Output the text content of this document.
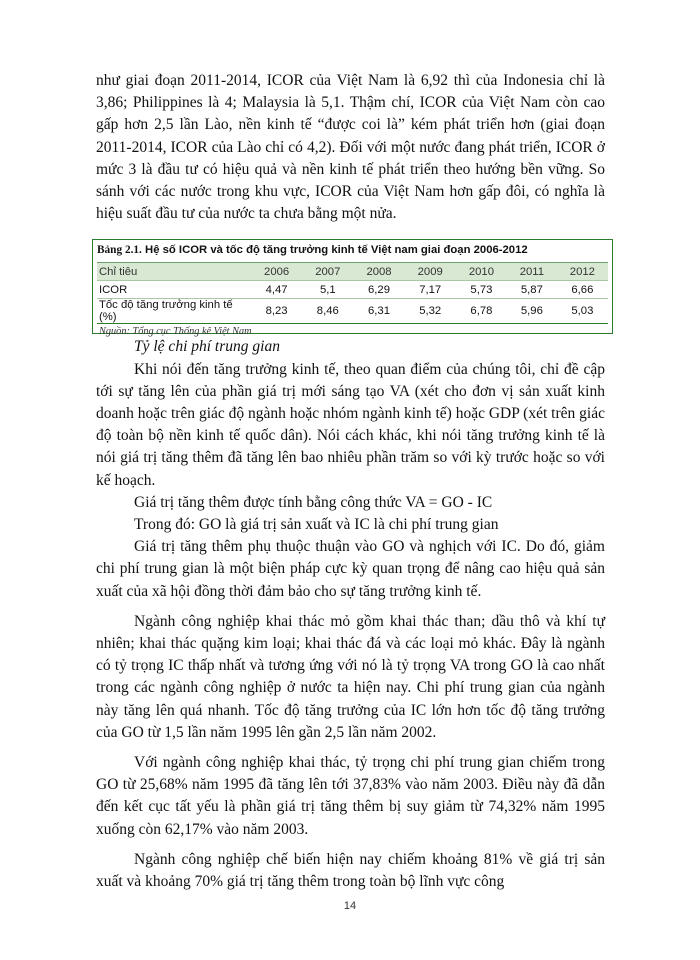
như giai đoạn 2011-2014, ICOR của Việt Nam là 6,92 thì của Indonesia chỉ là 3,86; Philippines là 4; Malaysia là 5,1. Thậm chí, ICOR của Việt Nam còn cao gấp hơn 2,5 lần Lào, nền kinh tế “được coi là” kém phát triển hơn (giai đoạn 2011-2014, ICOR của Lào chỉ có 4,2). Đối với một nước đang phát triển, ICOR ở mức 3 là đầu tư có hiệu quả và nền kinh tế phát triển theo hướng bền vững. So sánh với các nước trong khu vực, ICOR của Việt Nam hơn gấp đôi, có nghĩa là hiệu suất đầu tư của nước ta chưa bằng một nửa.

Bảng 2.1. Hệ số ICOR và tốc độ tăng trưởng kinh tế Việt nam giai đoạn 2006-2012
Chỉ tiêu	2006	2007	2008	2009	2010	2011	2012
ICOR	4,47	5,1	6,29	7,17	5,73	5,87	6,66
Tốc độ tăng trưởng kinh tế (%)	8,23	8,46	6,31	5,32	6,78	5,96	5,03
Nguồn: Tổng cục Thống kê Việt Nam

Tỷ lệ chi phí trung gian

Khi nói đến tăng trưởng kinh tế, theo quan điểm của chúng tôi, chỉ đề cập tới sự tăng lên của phần giá trị mới sáng tạo VA (xét cho đơn vị sản xuất kinh doanh hoặc trên giác độ ngành hoặc nhóm ngành kinh tế) hoặc GDP (xét trên giác độ toàn bộ nền kinh tế quốc dân). Nói cách khác, khi nói tăng trưởng kinh tế là nói giá trị tăng thêm đã tăng lên bao nhiêu phần trăm so với kỳ trước hoặc so với kế hoạch.

Giá trị tăng thêm được tính bằng công thức VA = GO - IC

Trong đó: GO là giá trị sản xuất và IC là chi phí trung gian

Giá trị tăng thêm phụ thuộc thuận vào GO và nghịch với IC. Do đó, giảm chi phí trung gian là một biện pháp cực kỳ quan trọng để nâng cao hiệu quả sản xuất của xã hội đồng thời đảm bảo cho sự tăng trưởng kinh tế.

Ngành công nghiệp khai thác mỏ gồm khai thác than; dầu thô và khí tự nhiên; khai thác quặng kim loại; khai thác đá và các loại mỏ khác. Đây là ngành có tỷ trọng IC thấp nhất và tương ứng với nó là tỷ trọng VA trong GO là cao nhất trong các ngành công nghiệp ở nước ta hiện nay. Chi phí trung gian của ngành này tăng lên quá nhanh. Tốc độ tăng trưởng của IC lớn hơn tốc độ tăng trưởng của GO từ 1,5 lần năm 1995 lên gần 2,5 lần năm 2002.

Với ngành công nghiệp khai thác, tỷ trọng chi phí trung gian chiếm trong GO từ 25,68% năm 1995 đã tăng lên tới 37,83% vào năm 2003. Điều này đã dẫn đến kết cục tất yếu là phần giá trị tăng thêm bị suy giảm từ 74,32% năm 1995 xuống còn 62,17% vào năm 2003.

Ngành công nghiệp chế biến hiện nay chiếm khoảng 81% về giá trị sản xuất và khoảng 70% giá trị tăng thêm trong toàn bộ lĩnh vực công

14
